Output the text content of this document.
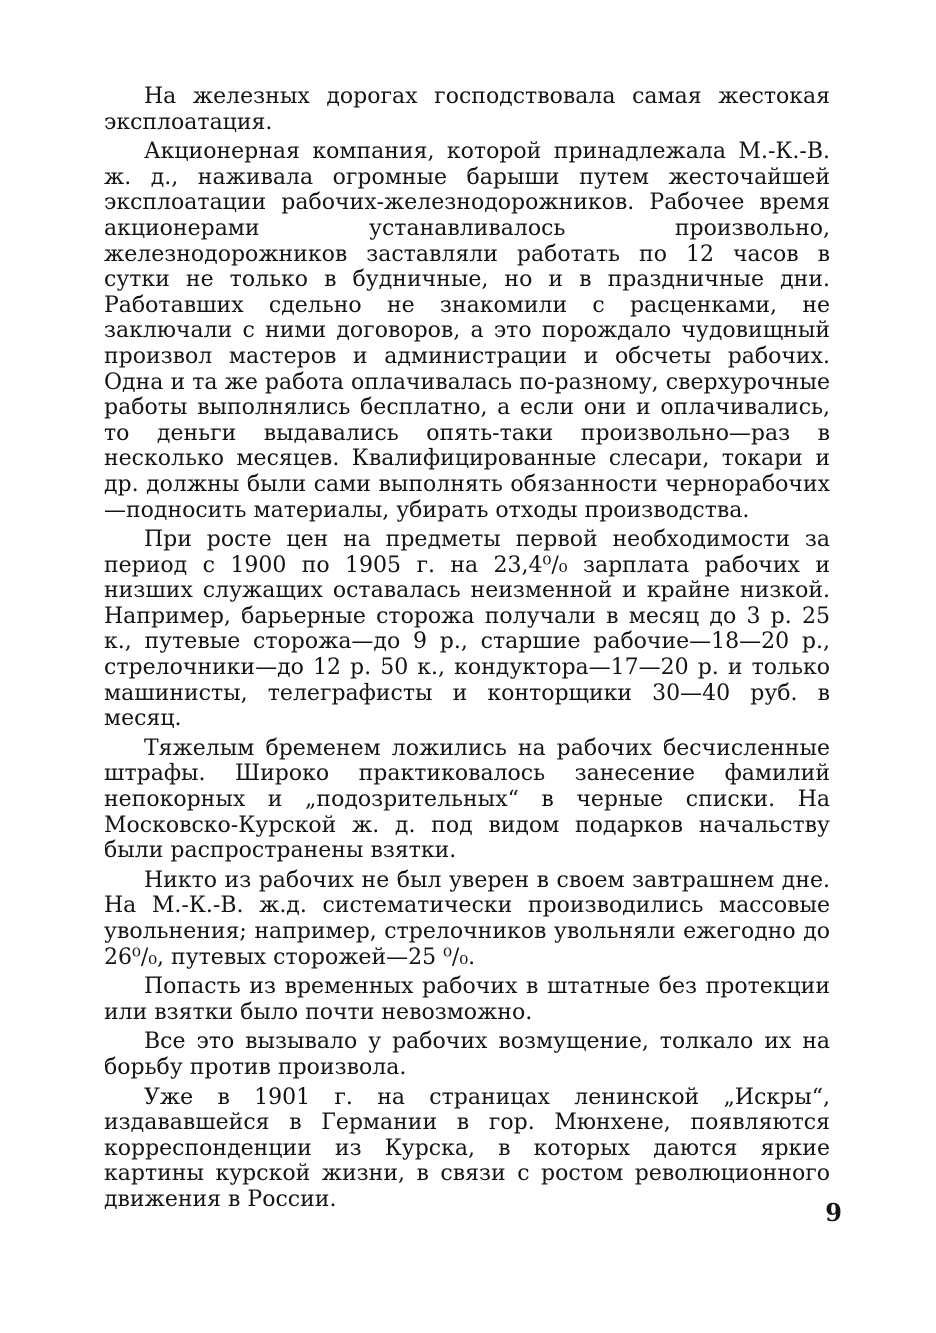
На железных дорогах господствовала самая жестокая эксплоатация.

Акционерная компания, которой принадлежала М.-К.-В. ж. д., наживала огромные барыши путем жесточайшей эксплоатации рабочих-железнодорожников. Рабочее время акционерами устанавливалось произвольно, железнодорожников заставляли работать по 12 часов в сутки не только в будничные, но и в праздничные дни. Работавших сдельно не знакомили с расценками, не заключали с ними договоров, а это порождало чудовищный произвол мастеров и администрации и обсчеты рабочих. Одна и та же работа оплачивалась по-разному, сверхурочные работы выполнялись бесплатно, а если они и оплачивались, то деньги выдавались опять-таки произвольно—раз в несколько месяцев. Квалифицированные слесари, токари и др. должны были сами выполнять обязанности чернорабочих—подносить материалы, убирать отходы производства.

При росте цен на предметы первой необходимости за период с 1900 по 1905 г. на 23,4⁰/₀ зарплата рабочих и низших служащих оставалась неизменной и крайне низкой. Например, барьерные сторожа получали в месяц до 3 р. 25 к., путевые сторожа—до 9 р., старшие рабочие—18—20 р., стрелочники—до 12 р. 50 к., кондуктора—17—20 р. и только машинисты, телеграфисты и конторщики 30—40 руб. в месяц.

Тяжелым бременем ложились на рабочих бесчисленные штрафы. Широко практиковалось занесение фамилий непокорных и „подозрительных“ в черные списки. На Московско-Курской ж. д. под видом подарков начальству были распространены взятки.

Никто из рабочих не был уверен в своем завтрашнем дне. На М.-К.-В. ж.д. систематически производились массовые увольнения; например, стрелочников увольняли ежегодно до 26⁰/₀, путевых сторожей—25 ⁰/₀.

Попасть из временных рабочих в штатные без протекции или взятки было почти невозможно.

Все это вызывало у рабочих возмущение, толкало их на борьбу против произвола.

Уже в 1901 г. на страницах ленинской „Искры“, издававшейся в Германии в гор. Мюнхене, появляются корреспонденции из Курска, в которых даются яркие картины курской жизни, в связи с ростом революционного движения в России.	9
